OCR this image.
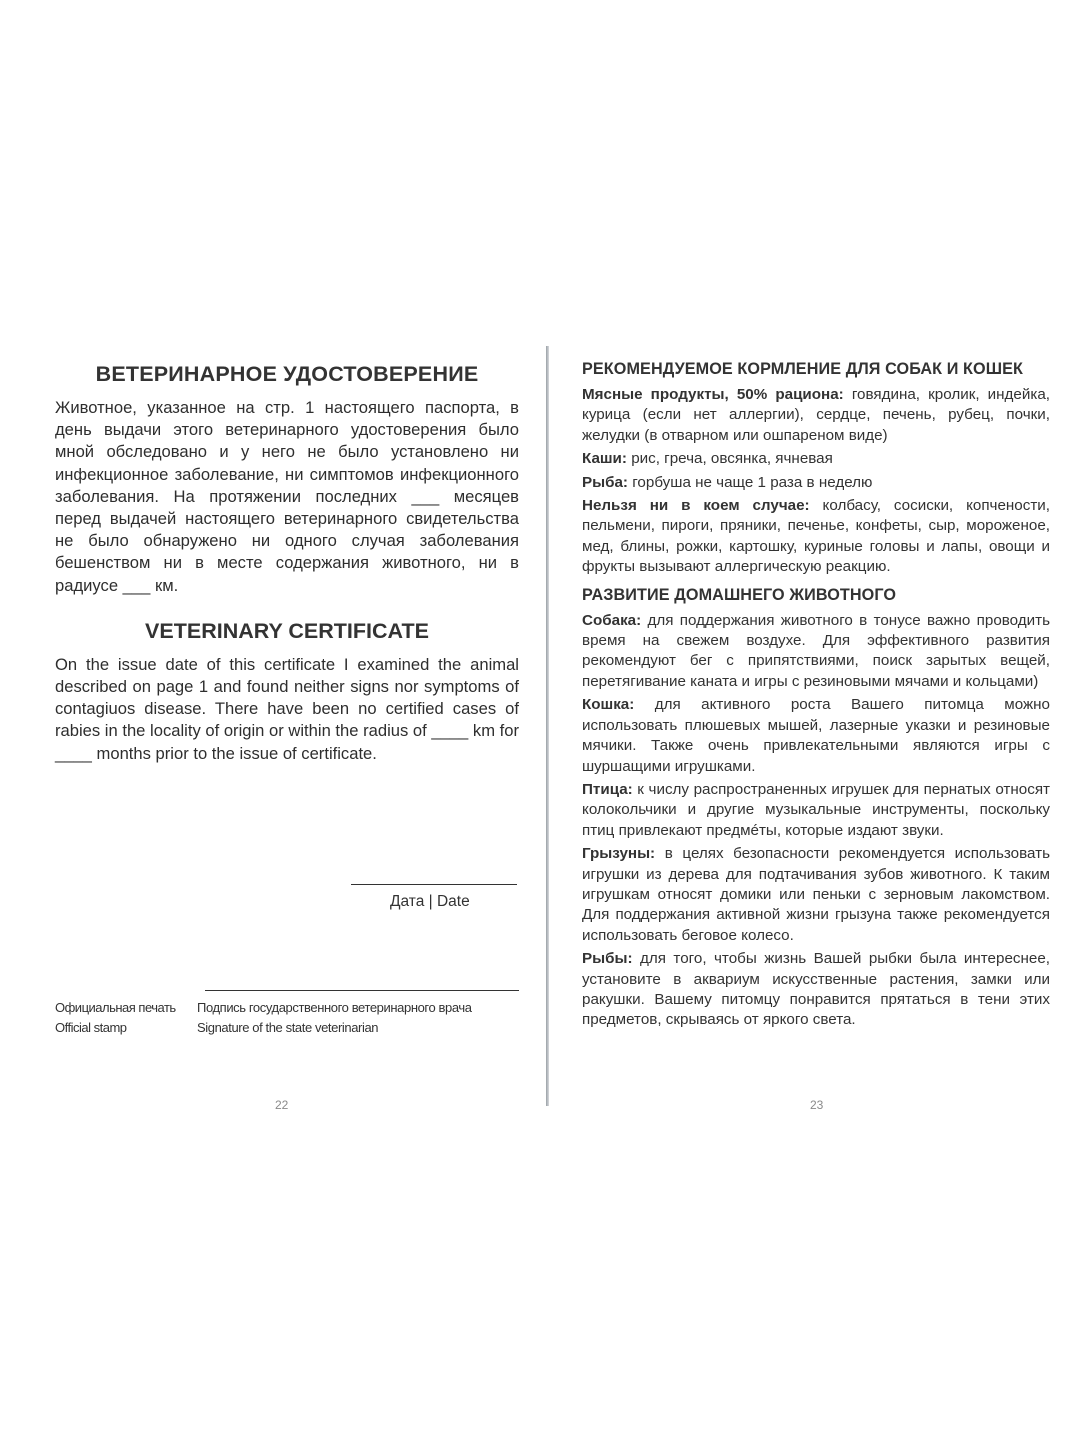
ВЕТЕРИНАРНОЕ УДОСТОВЕРЕНИЕ

Животное, указанное на стр. 1 настоящего паспорта, в день выдачи этого ветеринарного удостоверения было мной обследовано и у него не было установлено ни инфекционное заболевание, ни симптомов инфекционного заболевания. На протяжении последних ___ месяцев перед выдачей настоящего ветеринарного свидетельства не было обнаружено ни одного случая заболевания бешенством ни в месте содержания животного, ни в радиусе ___ км.

VETERINARY CERTIFICATE

On the issue date of this certificate I examined the animal described on page 1 and found neither signs nor symptoms of contagiuos disease. There have been no certified cases of rabies in the locality of origin or within the radius of ____ km for ____ months prior to the issue of certificate.

Дата | Date
Официальная печать
Official stamp
Подпись государственного ветеринарного врача
Signature of the state veterinarian
22
РЕКОМЕНДУЕМОЕ КОРМЛЕНИЕ ДЛЯ СОБАК И КОШЕК

Мясные продукты, 50% рациона: говядина, кролик, индейка, курица (если нет аллергии), сердце, печень, рубец, почки, желудки (в отварном или ошпареном виде)

Каши: рис, греча, овсянка, ячневая

Рыба: горбуша не чаще 1 раза в неделю

Нельзя ни в коем случае: колбасу, сосиски, копчености, пельмени, пироги, пряники, печенье, конфеты, сыр, мороженое, мед, блины, рожки, картошку, куриные головы и лапы, овощи и фрукты вызывают аллергическую реакцию.

РАЗВИТИЕ ДОМАШНЕГО ЖИВОТНОГО

Собака: для поддержания животного в тонусе важно проводить время на свежем воздухе. Для эффективного развития рекомендуют бег с припятствиями, поиск зарытых вещей, перетягивание каната и игры с резиновыми мячами и кольцами)

Кошка: для активного роста Вашего питомца можно использовать плюшевых мышей, лазерные указки и резиновые мячики. Также очень привлекательными являются игры с шуршащими игрушками.

Птица: к числу распространенных игрушек для пернатых относят колокольчики и другие музыкальные инструменты, поскольку птиц привлекают предмéты, которые издают звуки.

Грызуны: в целях безопасности рекомендуется использовать игрушки из дерева для подтачивания зубов животного. К таким игрушкам относят домики или пеньки с зерновым лакомством. Для поддержания активной жизни грызуна также рекомендуется использовать беговое колесо.

Рыбы: для того, чтобы жизнь Вашей рыбки была интереснее, установите в аквариум искусственные растения, замки или ракушки. Вашему питомцу понравится прятаться в тени этих предметов, скрываясь от яркого света.

23
